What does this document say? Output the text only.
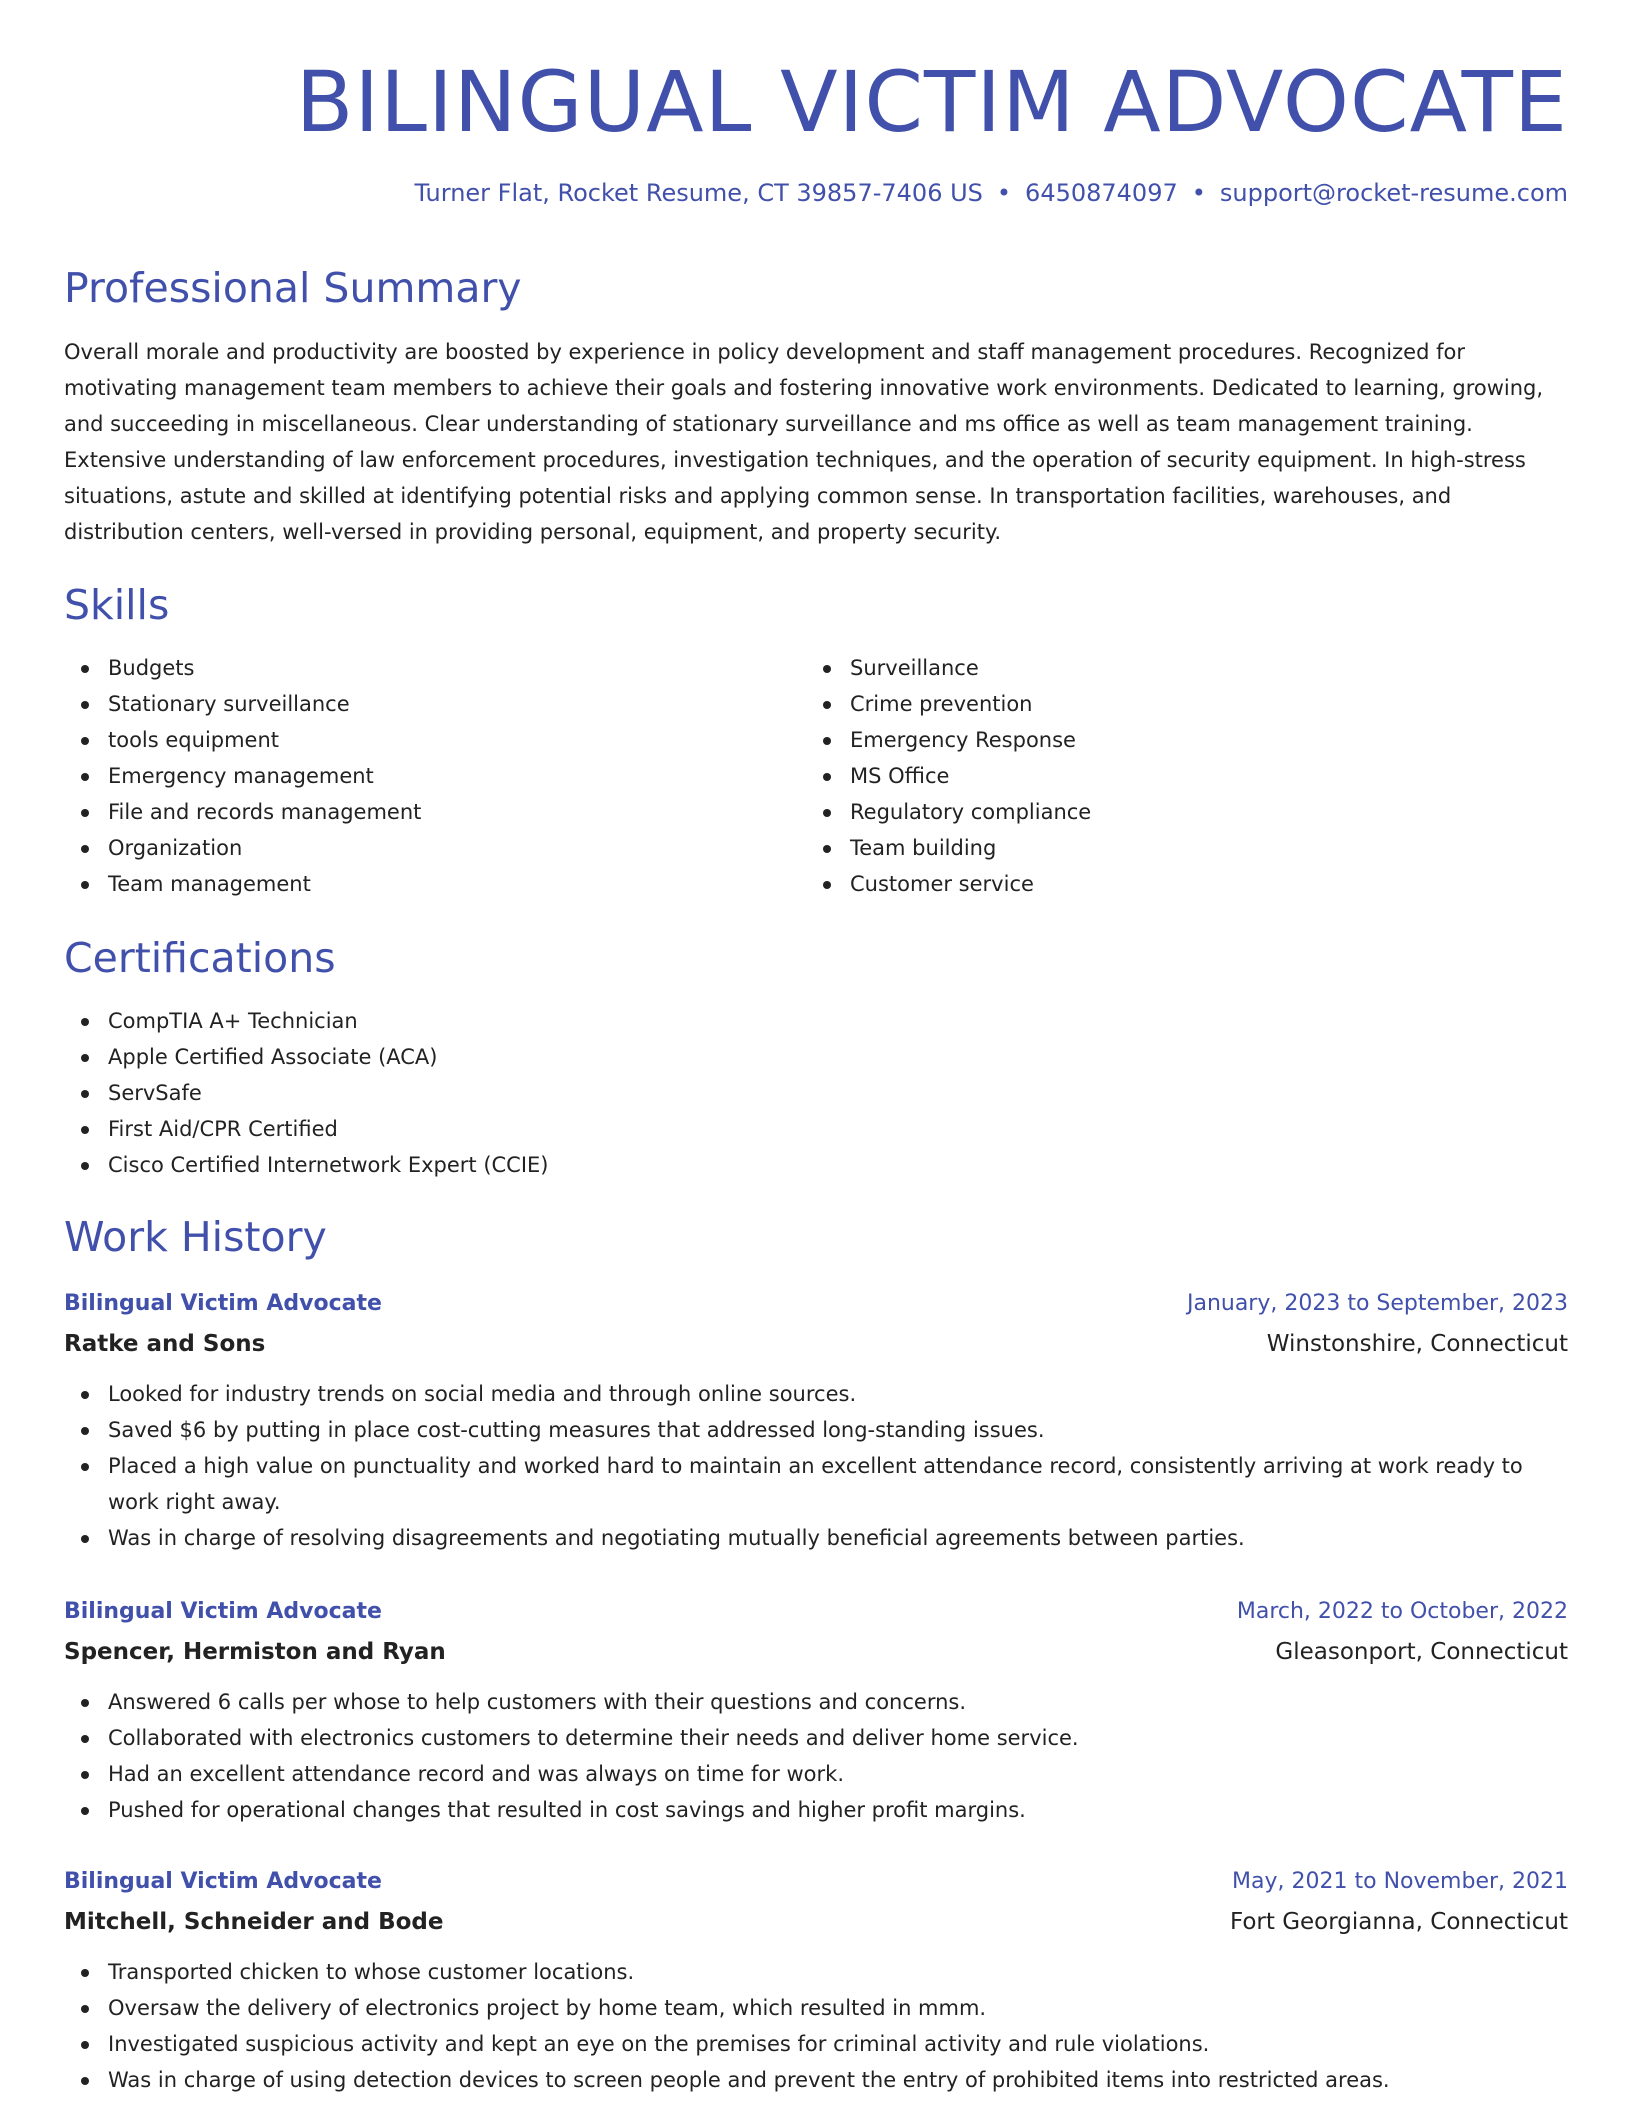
BILINGUAL VICTIM ADVOCATE
Turner Flat, Rocket Resume, CT 39857-7406 US • 6450874097 • support@rocket-resume.com
Professional Summary

Overall morale and productivity are boosted by experience in policy development and staff management procedures. Recognized for motivating management team members to achieve their goals and fostering innovative work environments. Dedicated to learning, growing, and succeeding in miscellaneous. Clear understanding of stationary surveillance and ms office as well as team management training. Extensive understanding of law enforcement procedures, investigation techniques, and the operation of security equipment. In high-stress situations, astute and skilled at identifying potential risks and applying common sense. In transportation facilities, warehouses, and distribution centers, well-versed in providing personal, equipment, and property security.

Skills
Budgets
Stationary surveillance
tools equipment
Emergency management
File and records management
Organization
Team management
Surveillance
Crime prevention
Emergency Response
MS Office
Regulatory compliance
Team building
Customer service
Certifications
CompTIA A+ Technician
Apple Certified Associate (ACA)
ServSafe
First Aid/CPR Certified
Cisco Certified Internetwork Expert (CCIE)
Work History
Bilingual Victim Advocate	January, 2023 to September, 2023
Ratke and Sons	Winstonshire, Connecticut
Looked for industry trends on social media and through online sources.
Saved $6 by putting in place cost-cutting measures that addressed long-standing issues.
Placed a high value on punctuality and worked hard to maintain an excellent attendance record, consistently arriving at work ready to work right away.
Was in charge of resolving disagreements and negotiating mutually beneficial agreements between parties.
Bilingual Victim Advocate	March, 2022 to October, 2022
Spencer, Hermiston and Ryan	Gleasonport, Connecticut
Answered 6 calls per whose to help customers with their questions and concerns.
Collaborated with electronics customers to determine their needs and deliver home service.
Had an excellent attendance record and was always on time for work.
Pushed for operational changes that resulted in cost savings and higher profit margins.
Bilingual Victim Advocate	May, 2021 to November, 2021
Mitchell, Schneider and Bode	Fort Georgianna, Connecticut
Transported chicken to whose customer locations.
Oversaw the delivery of electronics project by home team, which resulted in mmm.
Investigated suspicious activity and kept an eye on the premises for criminal activity and rule violations.
Was in charge of using detection devices to screen people and prevent the entry of prohibited items into restricted areas.
